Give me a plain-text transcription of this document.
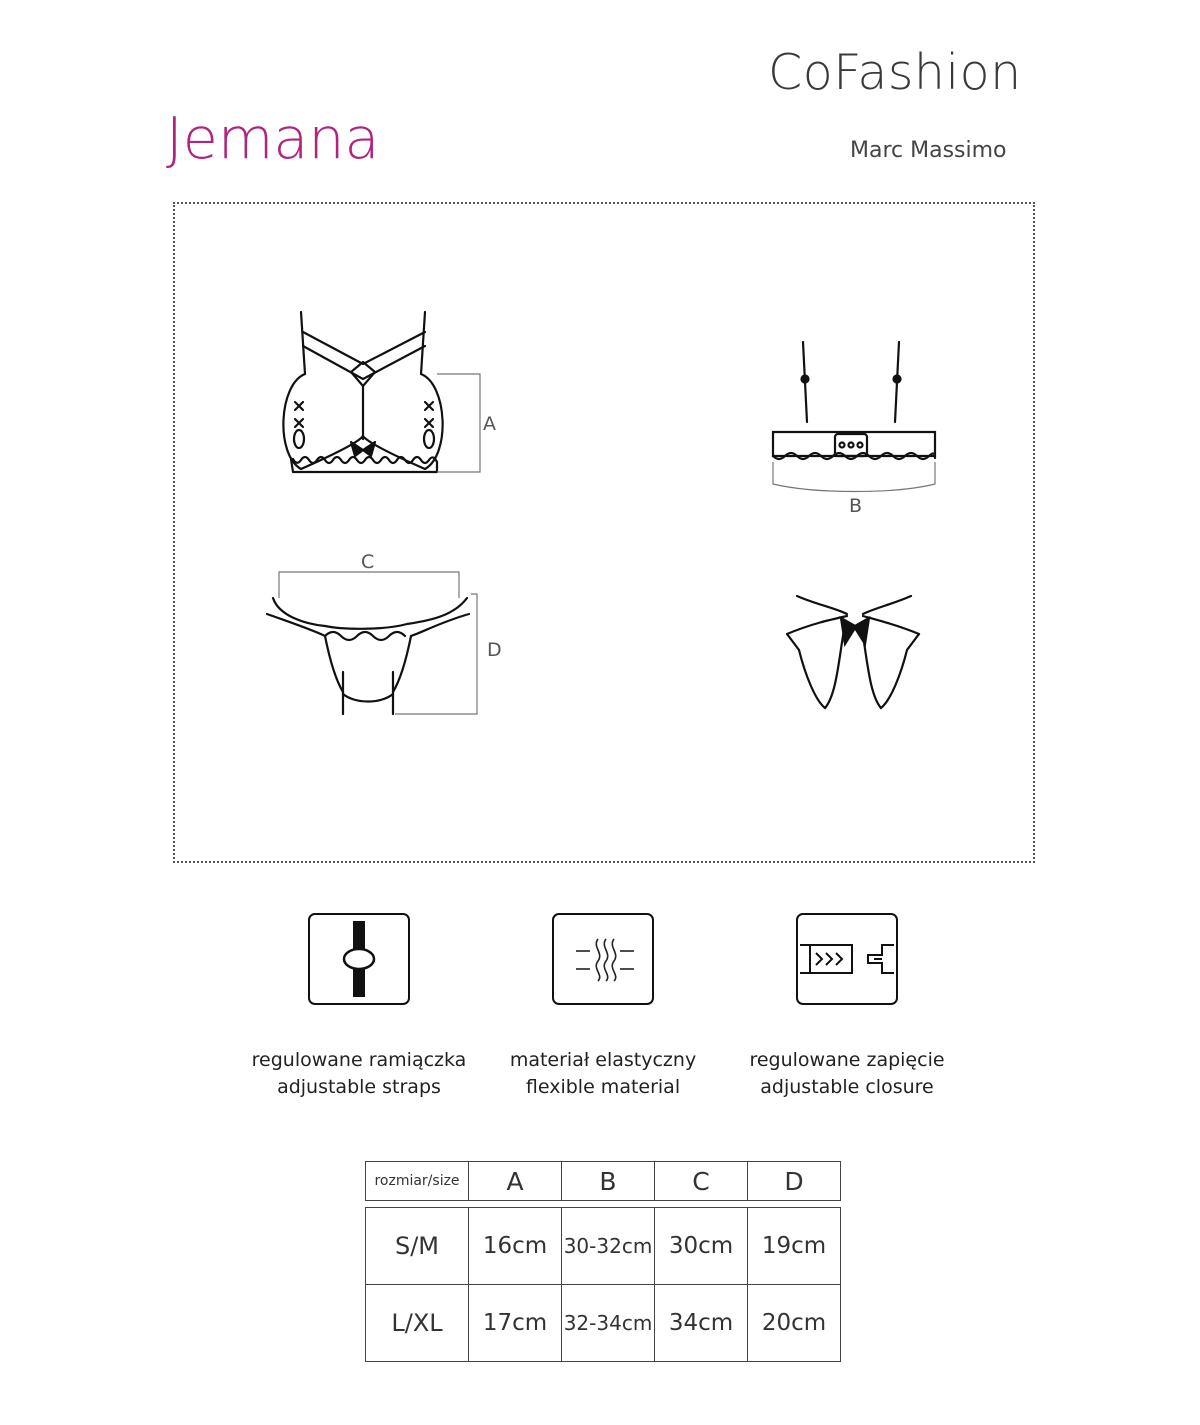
CoFashion
Marc Massimo
Jemana
A
B
C
D
regulowane ramiączka
adjustable straps
materiał elastyczny
flexible material
regulowane zapięcie
adjustable closure
rozmiar/size	A	B	C	D

S/M	16cm	30-32cm	30cm	19cm
L/XL	17cm	32-34cm	34cm	20cm
